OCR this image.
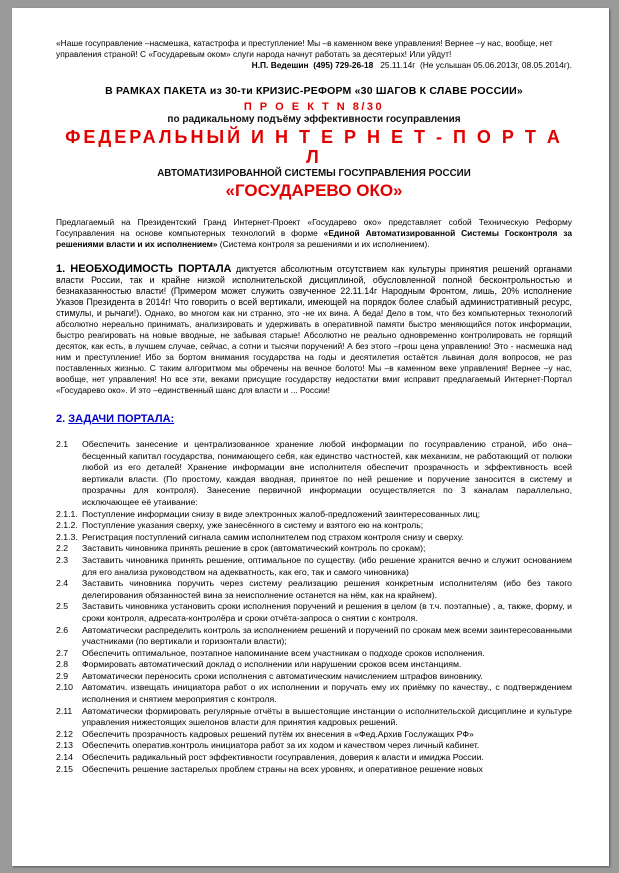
«Наше госуправление –насмешка, катастрофа и преступление! Мы –в каменном веке управления! Вернее –у нас, вообще, нет управления страной! С «Государевым оком» слуги народа начнут работать за десятерых! Или уйдут!

Н.П. Ведешин (495) 729-26-18 25.11.14г (Не услышан 05.06.2013г, 08.05.2014г).

В РАМКАХ ПАКЕТА из 30-ти КРИЗИС-РЕФОРМ «30 ШАГОВ К СЛАВЕ РОССИИ»

П Р О Е К Т N 8/30

по радикальному подъёму эффективности госуправления

ФЕДЕРАЛЬНЫЙ И Н Т Е Р Н Е Т - П О Р Т А Л

АВТОМАТИЗИРОВАННОЙ СИСТЕМЫ ГОСУПРАВЛЕНИЯ РОССИИ

«ГОСУДАРЕВО ОКО»

Предлагаемый на Президентский Гранд Интернет-Проект «Государево око» представляет собой Техническую Реформу Госуправления на основе компьютерных технологий в форме «Единой Автоматизированной Системы Госконтроля за решениями власти и их исполнением» (Система контроля за решениями и их исполнением).

1. НЕОБХОДИМОСТЬ ПОРТАЛА диктуется абсолютным отсутствием как культуры принятия решений органами власти России, так и крайне низкой исполнительской дисциплиной, обусловленной полной бесконтрольностью и безнаказанностью власти! (Примером может служить озвученное 22.11.14г Народным Фронтом, лишь, 20% исполнение Указов Президента в 2014г! Что говорить о всей вертикали, имеющей на порядок более слабый административный ресурс, стимулы, и рычаги!). Однако, во многом как ни странно, это -не их вина. А беда! Дело в том, что без компьютерных технологий абсолютно нереально принимать, анализировать и удерживать в оперативной памяти быстро меняющийся поток информации, быстро реагировать на новые вводные, не забывая старые! Абсолютно не реально одновременно контролировать не горящий десяток, как есть, в лучшем случае, сейчас, а сотни и тысячи поручений! А без этого –грош цена управлению! Это - насмешка над ним и преступление! Ибо за бортом внимания государства на годы и десятилетия остаётся львиная доля вопросов, не раз поставленных жизнью. С таким алгоритмом мы обречены на вечное болото! Мы –в каменном веке управления! Вернее –у нас, вообще, нет управления! Но все эти, веками присущие государству недостатки вмиг исправит предлагаемый Интернет-Портал «Государево око». И это –единственный шанс для власти и ... России!

2. ЗАДАЧИ ПОРТАЛА:

2.1	Обеспечить занесение и централизованное хранение любой информации по госуправлению страной, ибо она–бесценный капитал государства, понимающего себя, как единство частностей, как механизм, не работающий от полюки любой из его деталей! Хранение информации вне исполнителя обеспечит прозрачность и эффективность всей вертикали власти. (По простому, каждая вводная, принятое по ней решение и поручение заносится в систему и прозрачны для контроля). Занесение первичной информации осуществляется по 3 каналам параллельно, исключающее её утаивание:
2.1.1. Поступление информации снизу в виде электронных жалоб-предложений заинтересованных лиц;
2.1.2. Поступление указания сверху, уже занесённого в систему и взятого ею на контроль;
2.1.3. Регистрация поступлений сигнала самим исполнителем под страхом контроля снизу и сверху.
2.2	Заставить чиновника принять решение в срок (автоматический контроль по срокам);
2.3	Заставить чиновника принять решение, оптимальное по существу. (ибо решение хранится вечно и служит основанием для его анализа руководством на адекватность, как его, так и самого чиновника)
2.4	Заставить чиновника поручить через систему реализацию решения конкретным исполнителям (ибо без такого делегирования обязанностей вина за неисполнение останется на нём, как на крайнем).
2.5	Заставить чиновника установить сроки исполнения поручений и решения в целом (в т.ч. поэтапные) , а, также, форму, и сроки контроля, адресата-контролёра и сроки отчёта-запроса о снятии с контроля.
2.6	Автоматически распределить контроль за исполнением решений и поручений по срокам меж всеми заинтересованными участниками (по вертикали и горизонтали власти);
2.7	Обеспечить оптимальное, поэтапное напоминание всем участникам о подходе сроков исполнения.
2.8	Формировать автоматический доклад о исполнении или нарушении сроков всем инстанциям.
2.9	Автоматически переносить сроки исполнения с автоматическим начислением штрафов виновнику.
2.10	Автоматич. извещать инициатора работ о их исполнении и поручать ему их приёмку по качеству., с подтверждением исполнения и снятием мероприятия с контроля.
2.11	Автоматически формировать регулярные отчёты в вышестоящие инстанции о исполнительской дисциплине и культуре управления нижестоящих эшелонов власти для принятия кадровых решений.
2.12	Обеспечить прозрачность кадровых решений путём их внесения в «Фед.Архив Гослужащих РФ»
2.13	Обеспечить оператив.контроль инициатора работ за их ходом и качеством через личный кабинет.
2.14	Обеспечить радикальный рост эффективности госуправления, доверия к власти и имиджа России.
2.15	Обеспечить решение застарелых проблем страны на всех уровнях, и оперативное решение новых
